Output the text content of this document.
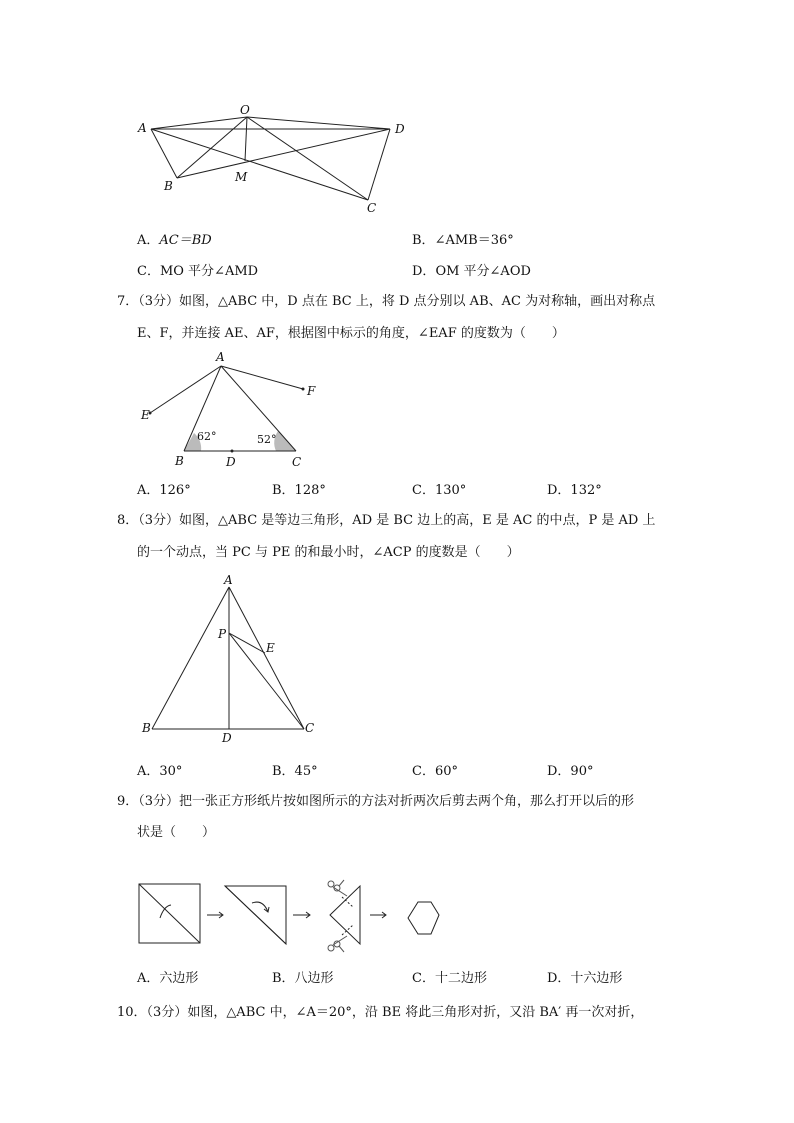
A
O
D
B
M
C
A．AC＝BD	B．∠AMB＝36°
C．MO 平分∠AMD	D．OM 平分∠AOD
7．（3分）如图，△ABC 中，D 点在 BC 上，将 D 点分别以 AB、AC 为对称轴，画出对称点
E、F，并连接 AE、AF，根据图中标示的角度，∠EAF 的度数为（　　）
A
E
F
B	D	C
62°	52°
A．126°	B．128°	C．130°	D．132°
8．（3分）如图，△ABC 是等边三角形，AD 是 BC 边上的高，E 是 AC 的中点，P 是 AD 上
的一个动点，当 PC 与 PE 的和最小时，∠ACP 的度数是（　　）
A
P
E
B
D
C
A．30°	B．45°	C．60°	D．90°
9．（3分）把一张正方形纸片按如图所示的方法对折两次后剪去两个角，那么打开以后的形
状是（　　）
A．六边形	B．八边形	C．十二边形	D．十六边形
10．（3分）如图，△ABC 中，∠A＝20°，沿 BE 将此三角形对折，又沿 BA′ 再一次对折，
